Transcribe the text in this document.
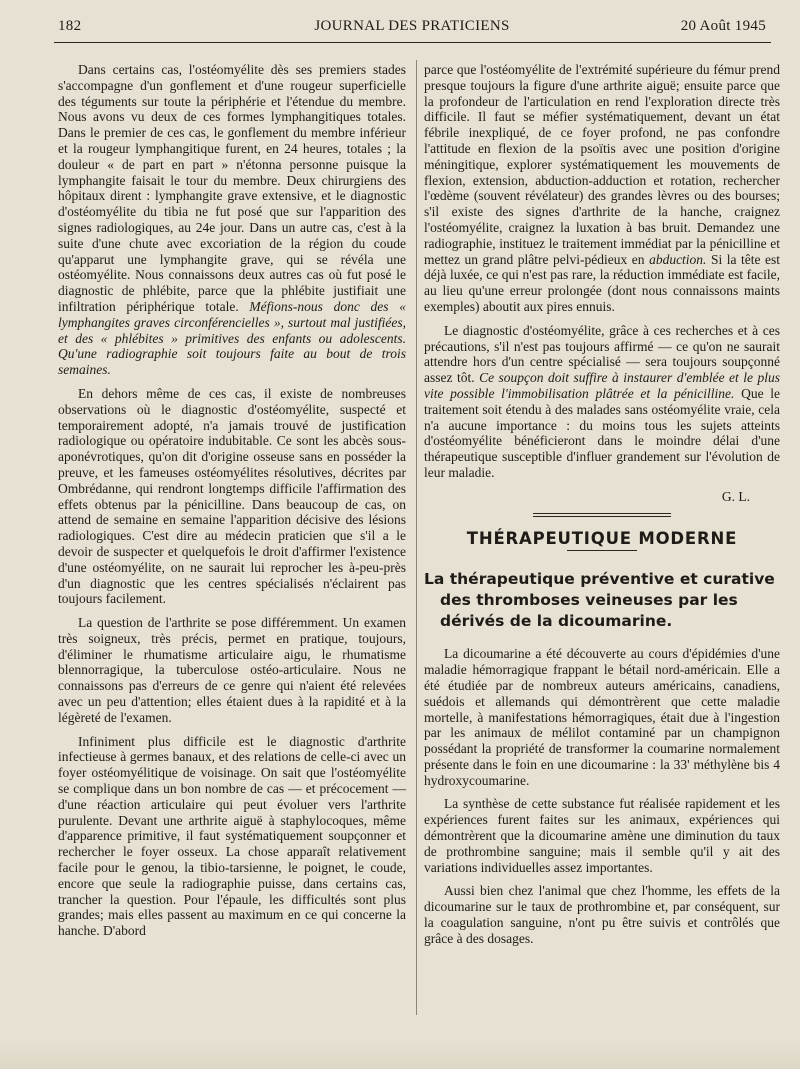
182	JOURNAL DES PRATICIENS	20 Août 1945

Dans certains cas, l'ostéomyélite dès ses premiers stades s'accompagne d'un gonflement et d'une rougeur superficielle des téguments sur toute la périphérie et l'étendue du membre. Nous avons vu deux de ces formes lymphangitiques totales. Dans le premier de ces cas, le gonflement du membre inférieur et la rougeur lymphangitique furent, en 24 heures, totales ; la douleur « de part en part » n'étonna personne puisque la lymphangite faisait le tour du membre. Deux chirurgiens des hôpitaux dirent : lymphangite grave extensive, et le diagnostic d'ostéomyélite du tibia ne fut posé que sur l'apparition des signes radiologiques, au 24e jour. Dans un autre cas, c'est à la suite d'une chute avec excoriation de la région du coude qu'apparut une lymphangite grave, qui se révéla une ostéomyélite. Nous connaissons deux autres cas où fut posé le diagnostic de phlébite, parce que la phlébite justifiait une infiltration périphérique totale. Méfions-nous donc des « lymphangites graves circonférencielles », surtout mal justifiées, et des « phlébites » primitives des enfants ou adolescents. Qu'une radiographie soit toujours faite au bout de trois semaines.

En dehors même de ces cas, il existe de nombreuses observations où le diagnostic d'ostéomyélite, suspecté et temporairement adopté, n'a jamais trouvé de justification radiologique ou opératoire indubitable. Ce sont les abcès sous-aponévrotiques, qu'on dit d'origine osseuse sans en posséder la preuve, et les fameuses ostéomyélites résolutives, décrites par Ombrédanne, qui rendront longtemps difficile l'affirmation des effets obtenus par la pénicilline. Dans beaucoup de cas, on attend de semaine en semaine l'apparition décisive des lésions radiologiques. C'est dire au médecin praticien que s'il a le devoir de suspecter et quelquefois le droit d'affirmer l'existence d'une ostéomyélite, on ne saurait lui reprocher les à-peu-près d'un diagnostic que les centres spécialisés n'éclairent pas toujours facilement.

La question de l'arthrite se pose différemment. Un examen très soigneux, très précis, permet en pratique, toujours, d'éliminer le rhumatisme articulaire aigu, le rhumatisme blennorragique, la tuberculose ostéo-articulaire. Nous ne connaissons pas d'erreurs de ce genre qui n'aient été relevées avec un peu d'attention; elles étaient dues à la rapidité et à la légèreté de l'examen.

Infiniment plus difficile est le diagnostic d'arthrite infectieuse à germes banaux, et des relations de celle-ci avec un foyer ostéomyélitique de voisinage. On sait que l'ostéomyélite se complique dans un bon nombre de cas — et précocement — d'une réaction articulaire qui peut évoluer vers l'arthrite purulente. Devant une arthrite aiguë à staphylocoques, même d'apparence primitive, il faut systématiquement soupçonner et rechercher le foyer osseux. La chose apparaît relativement facile pour le genou, la tibio-tarsienne, le poignet, le coude, encore que seule la radiographie puisse, dans certains cas, trancher la question. Pour l'épaule, les difficultés sont plus grandes; mais elles passent au maximum en ce qui concerne la hanche. D'abord

parce que l'ostéomyélite de l'extrémité supérieure du fémur prend presque toujours la figure d'une arthrite aiguë; ensuite parce que la profondeur de l'articulation en rend l'exploration directe très difficile. Il faut se méfier systématiquement, devant un état fébrile inexpliqué, de ce foyer profond, ne pas confondre l'attitude en flexion de la psoïtis avec une position d'origine méningitique, explorer systématiquement les mouvements de flexion, extension, abduction-adduction et rotation, rechercher l'œdème (souvent révélateur) des grandes lèvres ou des bourses; s'il existe des signes d'arthrite de la hanche, craignez l'ostéomyélite, craignez la luxation à bas bruit. Demandez une radiographie, instituez le traitement immédiat par la pénicilline et mettez un grand plâtre pelvi-pédieux en abduction. Si la tête est déjà luxée, ce qui n'est pas rare, la réduction immédiate est facile, au lieu qu'une erreur prolongée (dont nous connaissons maints exemples) aboutit aux pires ennuis.

Le diagnostic d'ostéomyélite, grâce à ces recherches et à ces précautions, s'il n'est pas toujours affirmé — ce qu'on ne saurait attendre hors d'un centre spécialisé — sera toujours soupçonné assez tôt. Ce soupçon doit suffire à instaurer d'emblée et le plus vite possible l'immobilisation plâtrée et la pénicilline. Que le traitement soit étendu à des malades sans ostéomyélite vraie, cela n'a aucune importance : du moins tous les sujets atteints d'ostéomyélite bénéficieront dans le moindre délai d'une thérapeutique susceptible d'influer grandement sur l'évolution de leur maladie.

G. L.

THÉRAPEUTIQUE MODERNE
La thérapeutique préventive et curative des thromboses veineuses par les dérivés de la dicoumarine.

La dicoumarine a été découverte au cours d'épidémies d'une maladie hémorragique frappant le bétail nord-américain. Elle a été étudiée par de nombreux auteurs américains, canadiens, suédois et allemands qui démontrèrent que cette maladie mortelle, à manifestations hémorragiques, était due à l'ingestion par les animaux de mélilot contaminé par un champignon possédant la propriété de transformer la coumarine normalement présente dans le foin en une dicoumarine : la 33' méthylène bis 4 hydroxycoumarine.

La synthèse de cette substance fut réalisée rapidement et les expériences furent faites sur les animaux, expériences qui démontrèrent que la dicoumarine amène une diminution du taux de prothrombine sanguine; mais il semble qu'il y ait des variations individuelles assez importantes.

Aussi bien chez l'animal que chez l'homme, les effets de la dicoumarine sur le taux de prothrombine et, par conséquent, sur la coagulation sanguine, n'ont pu être suivis et contrôlés que grâce à des dosages.
